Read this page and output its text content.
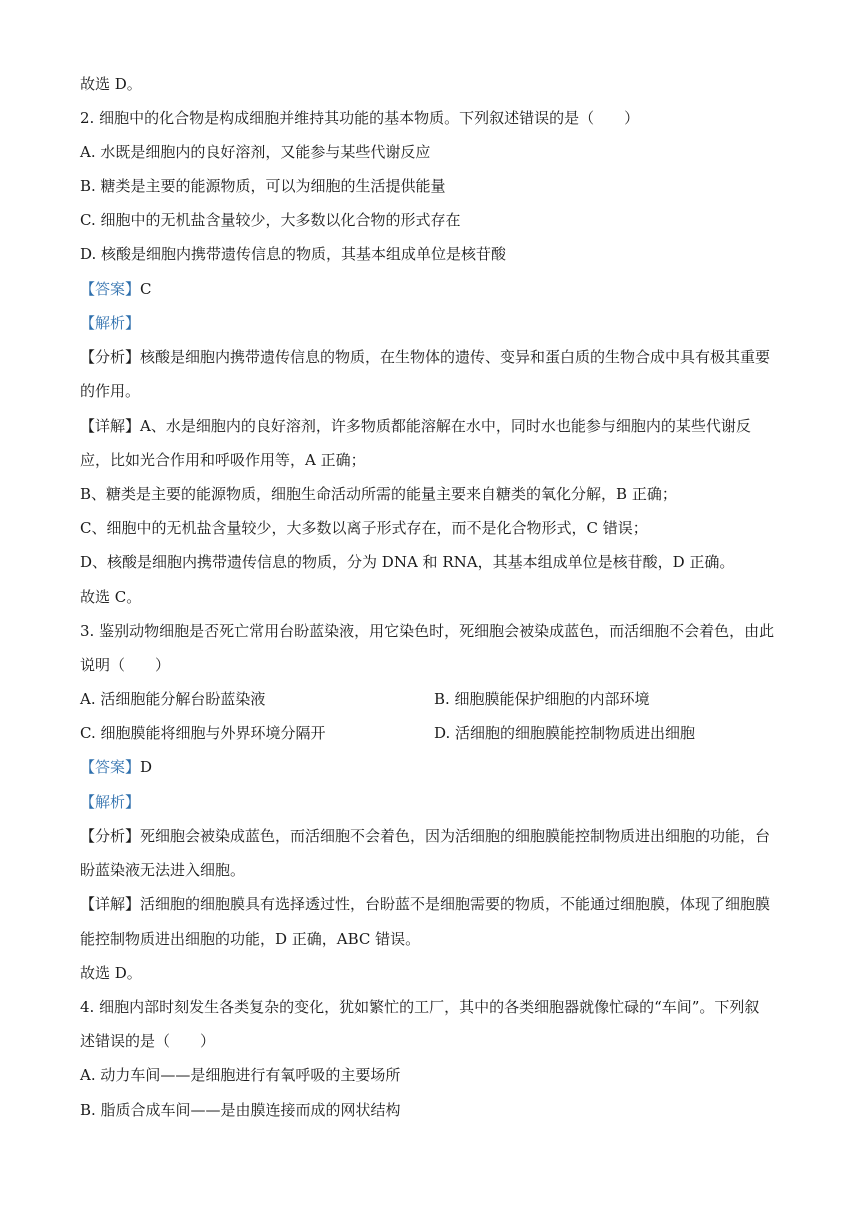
故选 D。
2. 细胞中的化合物是构成细胞并维持其功能的基本物质。下列叙述错误的是（　　）
A. 水既是细胞内的良好溶剂，又能参与某些代谢反应
B. 糖类是主要的能源物质，可以为细胞的生活提供能量
C. 细胞中的无机盐含量较少，大多数以化合物的形式存在
D. 核酸是细胞内携带遗传信息的物质，其基本组成单位是核苷酸
【答案】C
【解析】
【分析】核酸是细胞内携带遗传信息的物质，在生物体的遗传、变异和蛋白质的生物合成中具有极其重要
的作用。
【详解】A、水是细胞内的良好溶剂，许多物质都能溶解在水中，同时水也能参与细胞内的某些代谢反
应，比如光合作用和呼吸作用等，A 正确；
B、糖类是主要的能源物质，细胞生命活动所需的能量主要来自糖类的氧化分解，B 正确；
C、细胞中的无机盐含量较少，大多数以离子形式存在，而不是化合物形式，C 错误；
D、核酸是细胞内携带遗传信息的物质，分为 DNA 和 RNA，其基本组成单位是核苷酸，D 正确。
故选 C。
3. 鉴别动物细胞是否死亡常用台盼蓝染液，用它染色时，死细胞会被染成蓝色，而活细胞不会着色，由此
说明（　　）
A. 活细胞能分解台盼蓝染液	B. 细胞膜能保护细胞的内部环境
C. 细胞膜能将细胞与外界环境分隔开	D. 活细胞的细胞膜能控制物质进出细胞
【答案】D
【解析】
【分析】死细胞会被染成蓝色，而活细胞不会着色，因为活细胞的细胞膜能控制物质进出细胞的功能，台
盼蓝染液无法进入细胞。
【详解】活细胞的细胞膜具有选择透过性，台盼蓝不是细胞需要的物质，不能通过细胞膜，体现了细胞膜
能控制物质进出细胞的功能，D 正确，ABC 错误。
故选 D。
4. 细胞内部时刻发生各类复杂的变化，犹如繁忙的工厂，其中的各类细胞器就像忙碌的“车间”。下列叙
述错误的是（　　）
A. 动力车间——是细胞进行有氧呼吸的主要场所
B. 脂质合成车间——是由膜连接而成的网状结构
